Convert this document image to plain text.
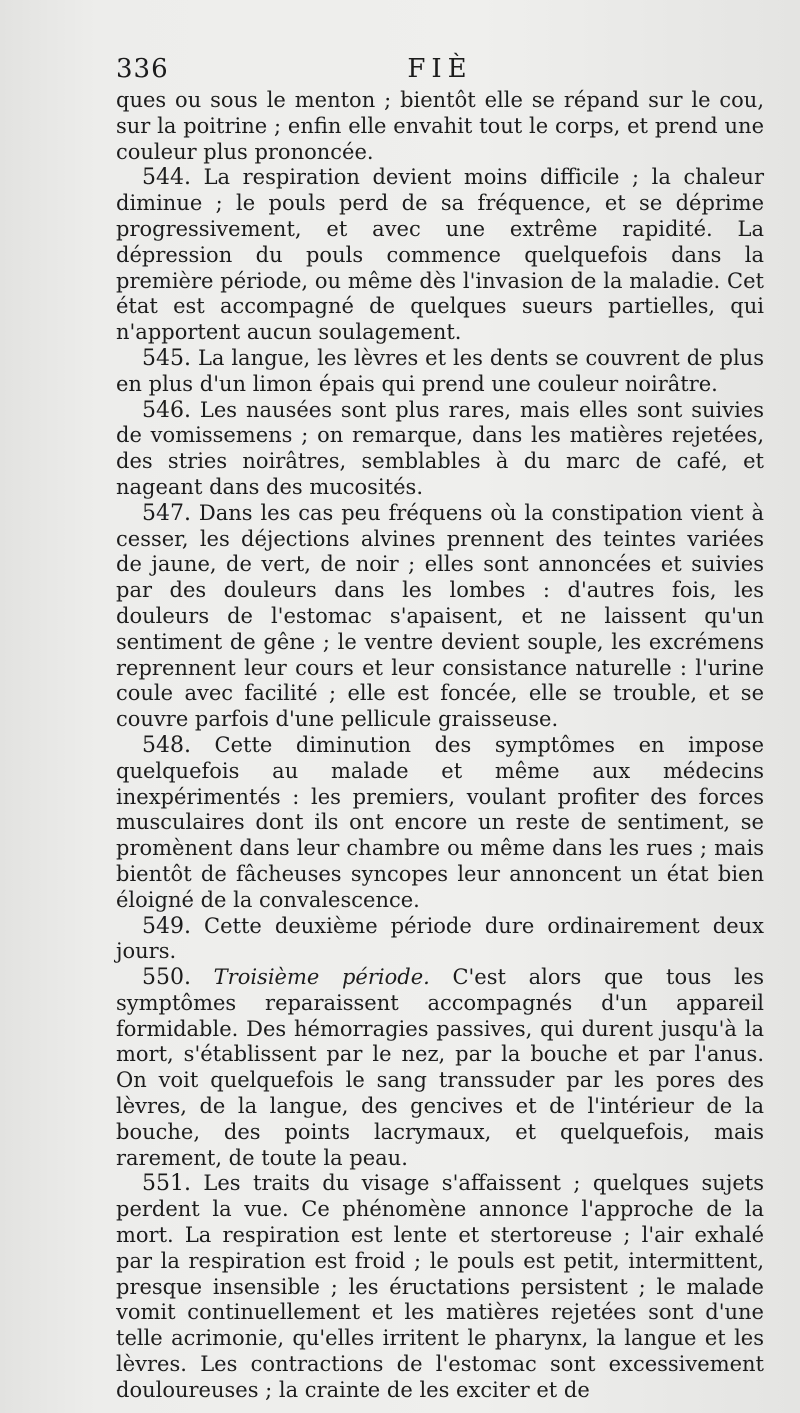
336	FIÈ

ques ou sous le menton ; bientôt elle se répand sur le cou, sur la poitrine ; enfin elle envahit tout le corps, et prend une couleur plus prononcée.

544. La respiration devient moins difficile ; la chaleur diminue ; le pouls perd de sa fréquence, et se déprime progressivement, et avec une extrême rapidité. La dépression du pouls commence quelquefois dans la première période, ou même dès l'invasion de la maladie. Cet état est accompagné de quelques sueurs partielles, qui n'apportent aucun soulagement.

545. La langue, les lèvres et les dents se couvrent de plus en plus d'un limon épais qui prend une couleur noirâtre.

546. Les nausées sont plus rares, mais elles sont suivies de vomissemens ; on remarque, dans les matières rejetées, des stries noirâtres, semblables à du marc de café, et nageant dans des mucosités.

547. Dans les cas peu fréquens où la constipation vient à cesser, les déjections alvines prennent des teintes variées de jaune, de vert, de noir ; elles sont annoncées et suivies par des douleurs dans les lombes : d'autres fois, les douleurs de l'estomac s'apaisent, et ne laissent qu'un sentiment de gêne ; le ventre devient souple, les excrémens reprennent leur cours et leur consistance naturelle : l'urine coule avec facilité ; elle est foncée, elle se trouble, et se couvre parfois d'une pellicule graisseuse.

548. Cette diminution des symptômes en impose quelquefois au malade et même aux médecins inexpérimentés : les premiers, voulant profiter des forces musculaires dont ils ont encore un reste de sentiment, se promènent dans leur chambre ou même dans les rues ; mais bientôt de fâcheuses syncopes leur annoncent un état bien éloigné de la convalescence.

549. Cette deuxième période dure ordinairement deux jours.

550. Troisième période. C'est alors que tous les symptômes reparaissent accompagnés d'un appareil formidable. Des hémorragies passives, qui durent jusqu'à la mort, s'établissent par le nez, par la bouche et par l'anus. On voit quelquefois le sang transsuder par les pores des lèvres, de la langue, des gencives et de l'intérieur de la bouche, des points lacrymaux, et quelquefois, mais rarement, de toute la peau.

551. Les traits du visage s'affaissent ; quelques sujets perdent la vue. Ce phénomène annonce l'approche de la mort. La respiration est lente et stertoreuse ; l'air exhalé par la respiration est froid ; le pouls est petit, intermittent, presque insensible ; les éructations persistent ; le malade vomit continuellement et les matières rejetées sont d'une telle acrimonie, qu'elles irritent le pharynx, la langue et les lèvres. Les contractions de l'estomac sont excessivement douloureuses ; la crainte de les exciter et de
